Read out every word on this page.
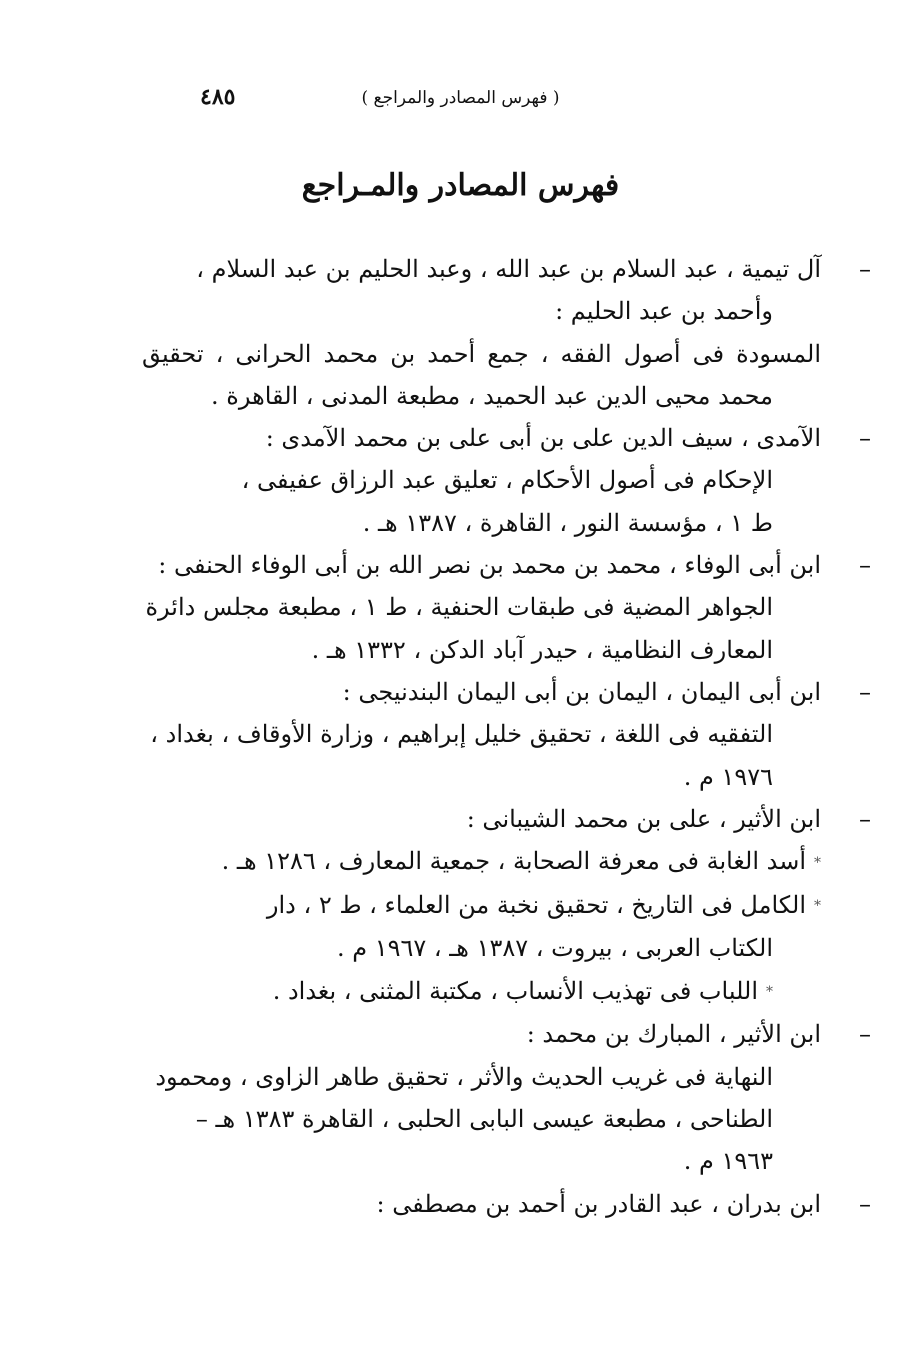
٤٨٥	( فهرس المصادر والمراجع )
فهرس المصادر والمـراجع
–
آل تيمية ، عبد السلام بن عبد الله ، وعبد الحليم بن عبد السلام ،
وأحمد بن عبد الحليم :
المسودة فى أصول الفقه ، جمع أحمد بن محمد الحرانى ، تحقيق
محمد محيى الدين عبد الحميد ، مطبعة المدنى ، القاهرة .
–
الآمدى ، سيف الدين على بن أبى على بن محمد الآمدى :
الإحكام فى أصول الأحكام ، تعليق عبد الرزاق عفيفى ،
ط ١ ، مؤسسة النور ، القاهرة ، ١٣٨٧ هـ .
–
ابن أبى الوفاء ، محمد بن محمد بن نصر الله بن أبى الوفاء الحنفى :
الجواهر المضية فى طبقات الحنفية ، ط ١ ، مطبعة مجلس دائرة
المعارف النظامية ، حيدر آباد الدكن ، ١٣٣٢ هـ .
–
ابن أبى اليمان ، اليمان بن أبى اليمان البندنيجى :
التفقيه فى اللغة ، تحقيق خليل إبراهيم ، وزارة الأوقاف ، بغداد ،
١٩٧٦ م .
–
ابن الأثير ، على بن محمد الشيبانى :
*أسد الغابة فى معرفة الصحابة ، جمعية المعارف ، ١٢٨٦ هـ .
*الكامل فى التاريخ ، تحقيق نخبة من العلماء ، ط ٢ ، دار
الكتاب العربى ، بيروت ، ١٣٨٧ هـ ، ١٩٦٧ م .
*اللباب فى تهذيب الأنساب ، مكتبة المثنى ، بغداد .
–
ابن الأثير ، المبارك بن محمد :
النهاية فى غريب الحديث والأثر ، تحقيق طاهر الزاوى ، ومحمود
الطناحى ، مطبعة عيسى البابى الحلبى ، القاهرة ١٣٨٣ هـ –
١٩٦٣ م .
–
ابن بدران ، عبد القادر بن أحمد بن مصطفى :
